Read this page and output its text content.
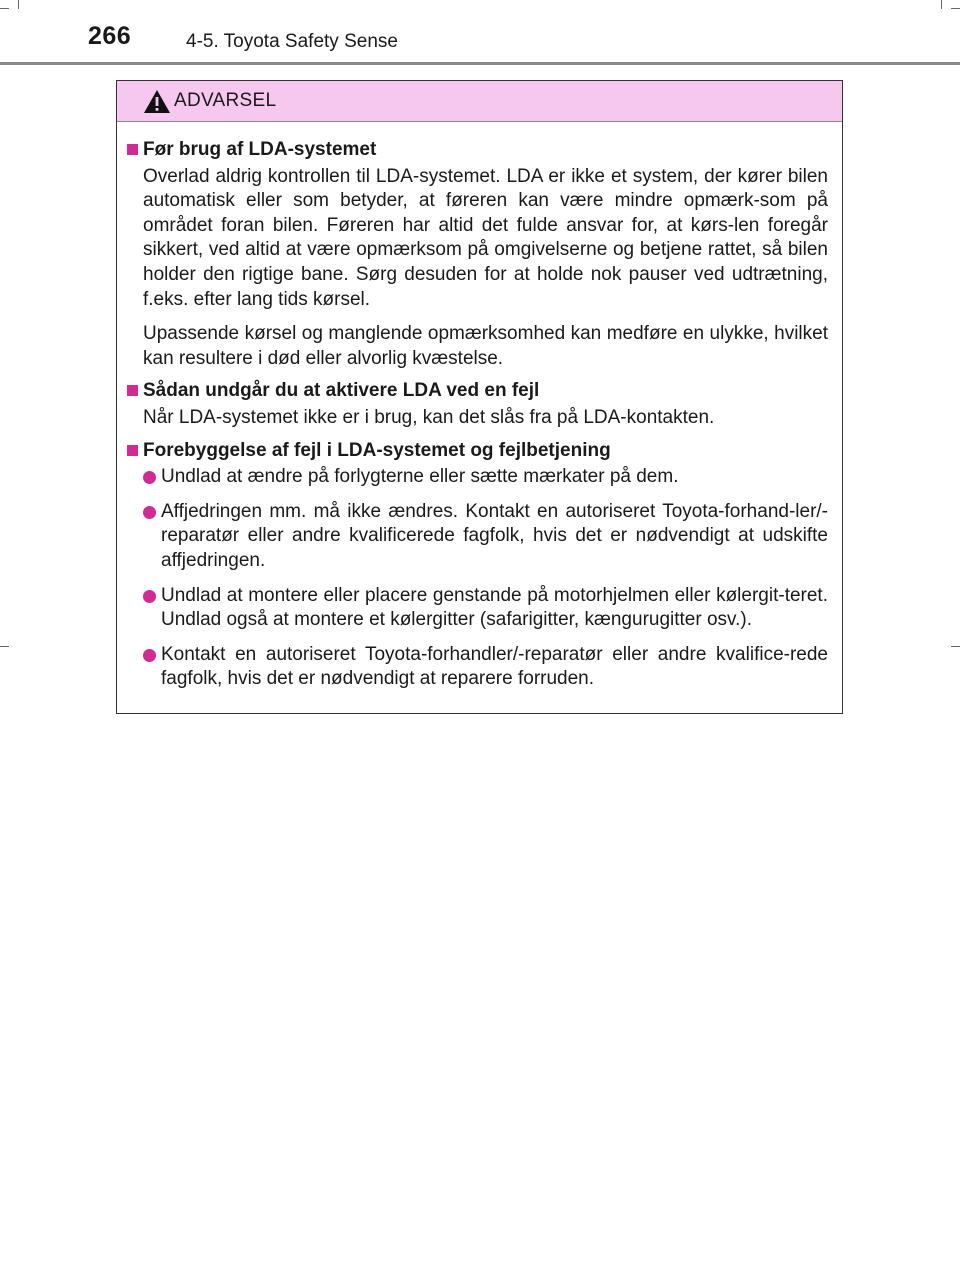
266	4-5. Toyota Safety Sense
ADVARSEL
Før brug af LDA-systemet

Overlad aldrig kontrollen til LDA-systemet. LDA er ikke et system, der kører bilen automatisk eller som betyder, at føreren kan være mindre opmærk-som på området foran bilen. Føreren har altid det fulde ansvar for, at kørs-len foregår sikkert, ved altid at være opmærksom på omgivelserne og betjene rattet, så bilen holder den rigtige bane. Sørg desuden for at holde nok pauser ved udtrætning, f.eks. efter lang tids kørsel.

Upassende kørsel og manglende opmærksomhed kan medføre en ulykke, hvilket kan resultere i død eller alvorlig kvæstelse.

Sådan undgår du at aktivere LDA ved en fejl

Når LDA-systemet ikke er i brug, kan det slås fra på LDA-kontakten.

Forebyggelse af fejl i LDA-systemet og fejlbetjening
Undlad at ændre på forlygterne eller sætte mærkater på dem.
Affjedringen mm. må ikke ændres. Kontakt en autoriseret Toyota-forhand-ler/-reparatør eller andre kvalificerede fagfolk, hvis det er nødvendigt at udskifte affjedringen.
Undlad at montere eller placere genstande på motorhjelmen eller kølergit-teret. Undlad også at montere et kølergitter (safarigitter, kængurugitter osv.).
Kontakt en autoriseret Toyota-forhandler/-reparatør eller andre kvalifice-rede fagfolk, hvis det er nødvendigt at reparere forruden.
